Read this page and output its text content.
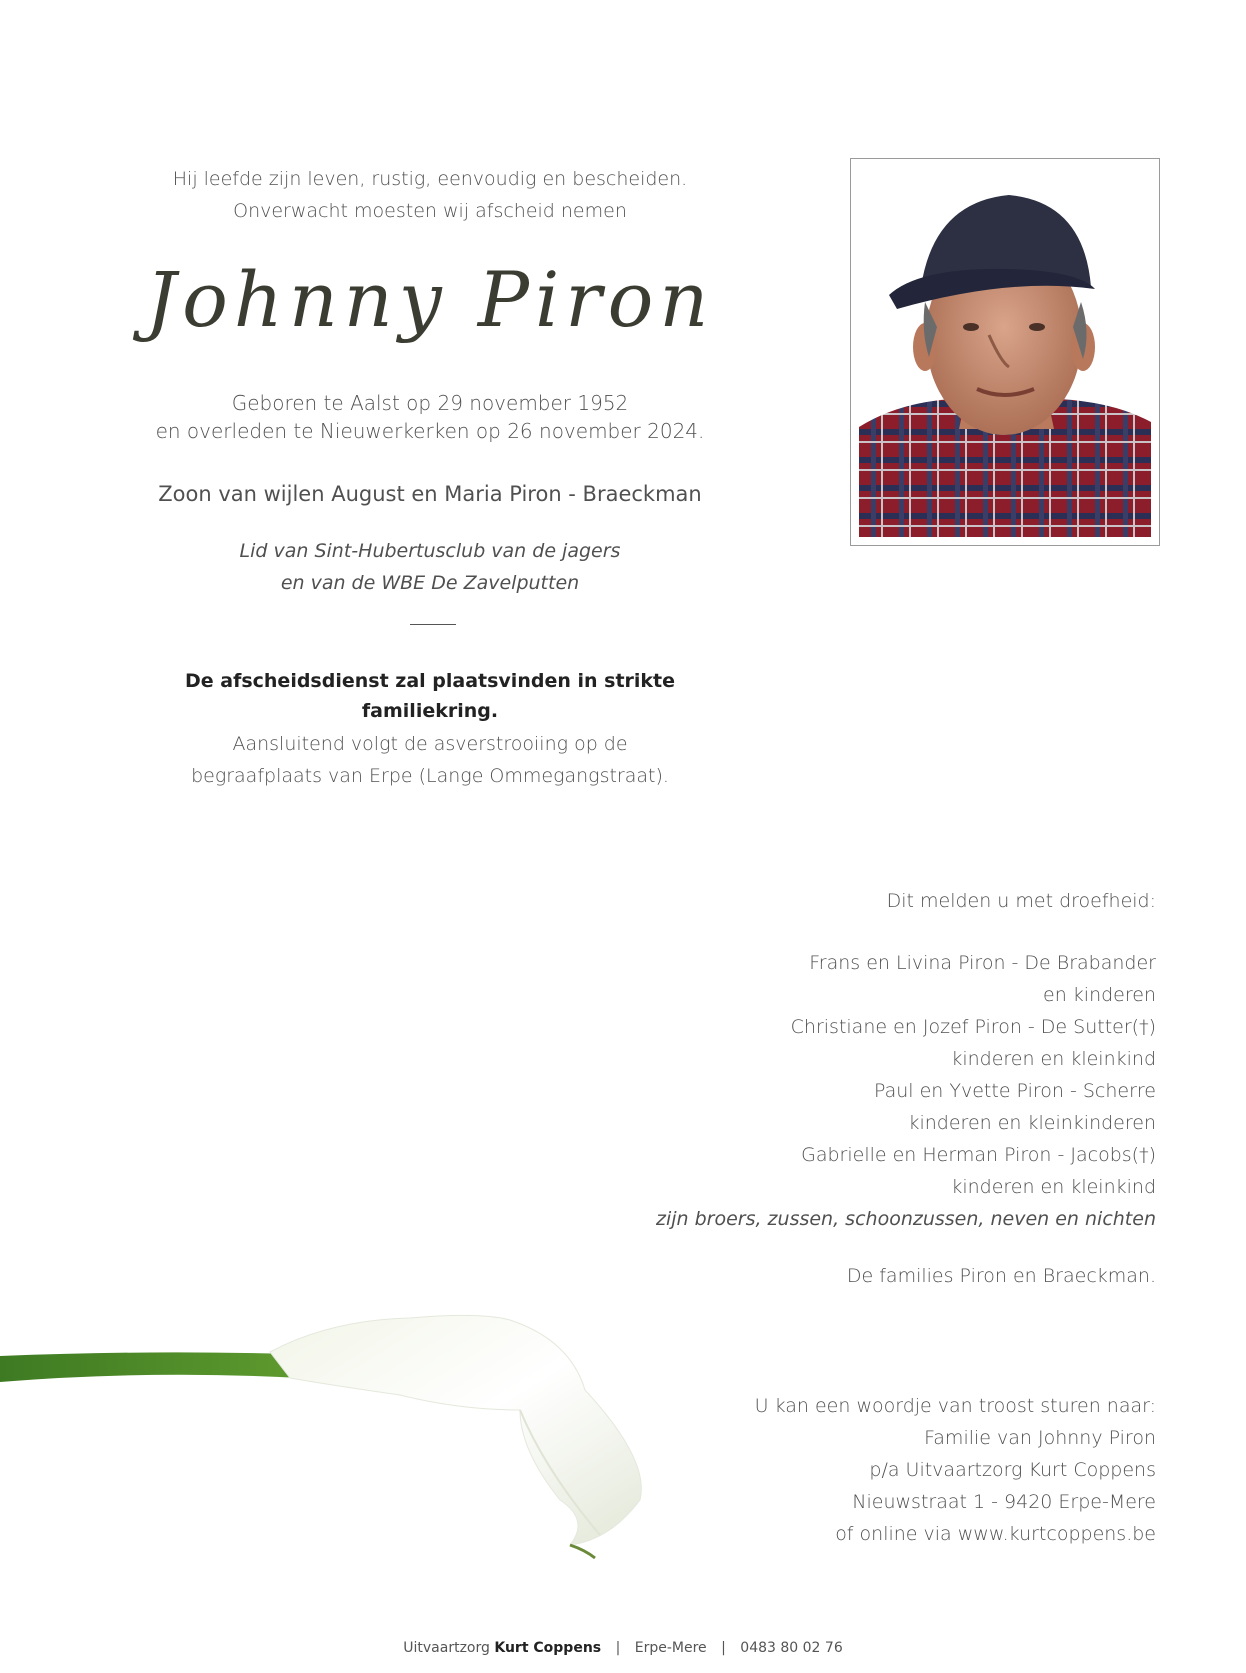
Hij leefde zijn leven, rustig, eenvoudig en bescheiden.
Onverwacht moesten wij afscheid nemen
Johnny Piron
Geboren te Aalst op 29 november 1952
en overleden te Nieuwerkerken op 26 november 2024.
Zoon van wijlen August en Maria Piron - Braeckman
Lid van Sint-Hubertusclub van de jagers
en van de WBE De Zavelputten
De afscheidsdienst zal plaatsvinden in strikte familiekring.
Aansluitend volgt de asverstrooiing op de
begraafplaats van Erpe (Lange Ommegangstraat).
Dit melden u met droefheid:
Frans en Livina Piron - De Brabander
en kinderen
Christiane en Jozef Piron - De Sutter(†)
kinderen en kleinkind
Paul en Yvette Piron - Scherre
kinderen en kleinkinderen
Gabrielle en Herman Piron - Jacobs(†)
kinderen en kleinkind
zijn broers, zussen, schoonzussen, neven en nichten
De families Piron en Braeckman.
U kan een woordje van troost sturen naar:
Familie van Johnny Piron
p/a Uitvaartzorg Kurt Coppens
Nieuwstraat 1 - 9420 Erpe-Mere
of online via www.kurtcoppens.be
Uitvaartzorg Kurt Coppens | Erpe-Mere | 0483 80 02 76
